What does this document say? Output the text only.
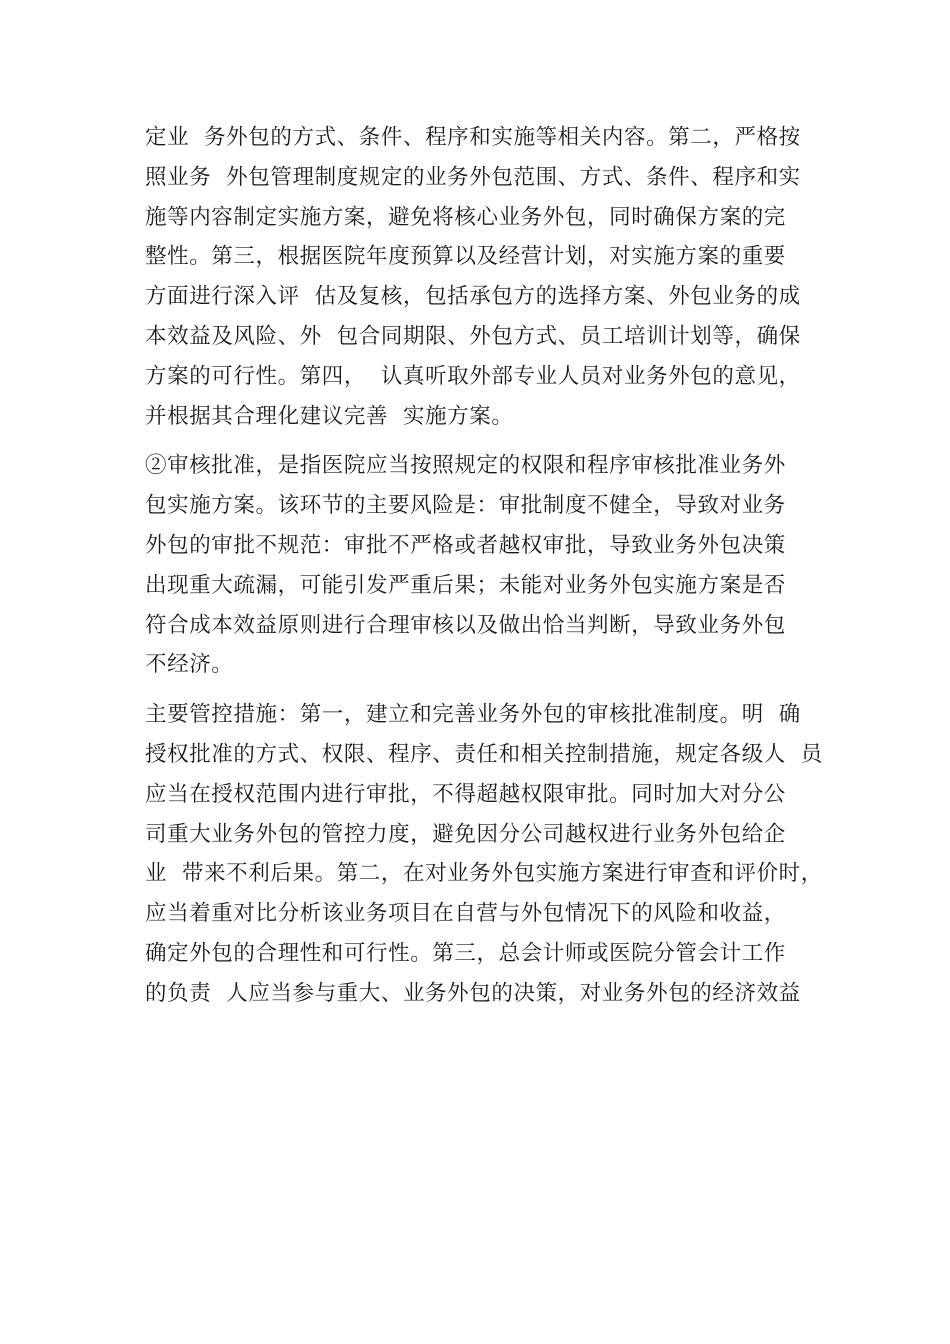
定业  务外包的方式、条件、程序和实施等相关内容。第二，严格按
照业务  外包管理制度规定的业务外包范围、方式、条件、程序和实
施等内容制定实施方案，避免将核心业务外包，同时确保方案的完
整性。第三，根据医院年度预算以及经营计划，对实施方案的重要
方面进行深入评  估及复核，包括承包方的选择方案、外包业务的成
本效益及风险、外  包合同期限、外包方式、员工培训计划等，确保
方案的可行性。第四，  认真听取外部专业人员对业务外包的意见，
并根据其合理化建议完善  实施方案。

②审核批准，是指医院应当按照规定的权限和程序审核批准业务外
包实施方案。该环节的主要风险是：审批制度不健全，导致对业务
外包的审批不规范：审批不严格或者越权审批，导致业务外包决策
出现重大疏漏，可能引发严重后果；未能对业务外包实施方案是否
符合成本效益原则进行合理审核以及做出恰当判断，导致业务外包
不经济。

主要管控措施：第一，建立和完善业务外包的审核批准制度。明  确
授权批准的方式、权限、程序、责任和相关控制措施，规定各级人  员
应当在授权范围内进行审批，不得超越权限审批。同时加大对分公
司重大业务外包的管控力度，避免因分公司越权进行业务外包给企
业  带来不利后果。第二，在对业务外包实施方案进行审查和评价时，
应当着重对比分析该业务项目在自营与外包情况下的风险和收益，
确定外包的合理性和可行性。第三，总会计师或医院分管会计工作
的负责  人应当参与重大、业务外包的决策，对业务外包的经济效益
